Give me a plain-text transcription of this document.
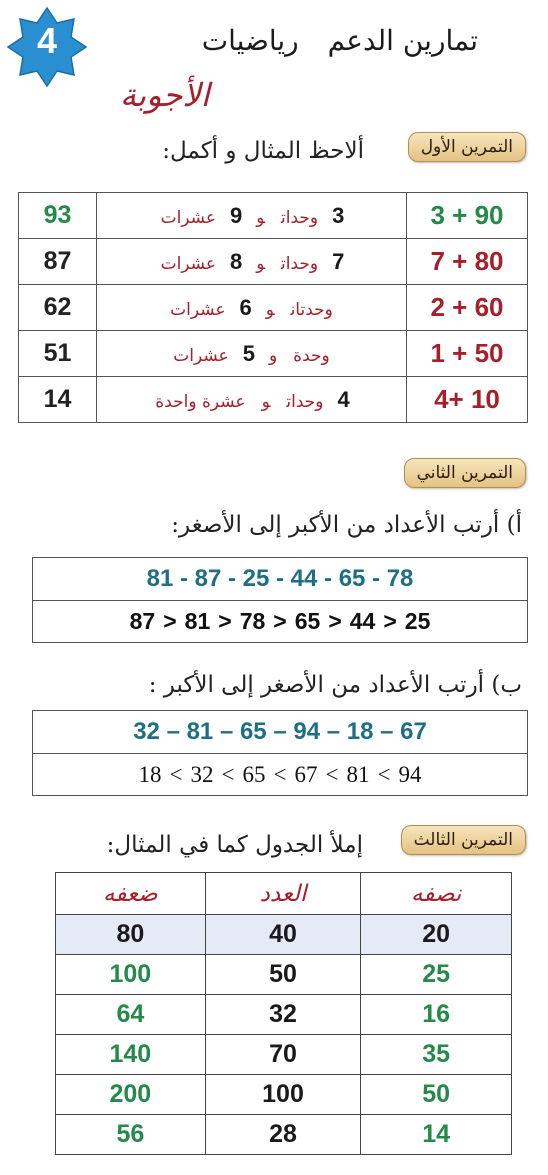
4	تمارين الدعم رياضيات
الأجوبة
التمرين الأول
ألاحظ المثال و أكمل:
93	3وحداتو9عشرات	3 + 90
87	7وحداتو8عشرات	7 + 80
62	وحدتانو6عشرات	2 + 60
51	وحدةو5عشرات	1 + 50
14	4وحداتوعشرة واحدة	4+ 10
التمرين الثاني
أ) أرتب الأعداد من الأكبر إلى الأصغر:
81 - 87 - 25 - 44 - 65 - 78
87 > 81 > 78 > 65 > 44 > 25
ب) أرتب الأعداد من الأصغر إلى الأكبر :
32 – 81 – 65 – 94 – 18 – 67
18 < 32 < 65 < 67 < 81 < 94
التمرين الثالث
إملأ الجدول كما في المثال:
ضعفه	العدد	نصفه
80	40	20
100	50	25
64	32	16
140	70	35
200	100	50
56	28	14
